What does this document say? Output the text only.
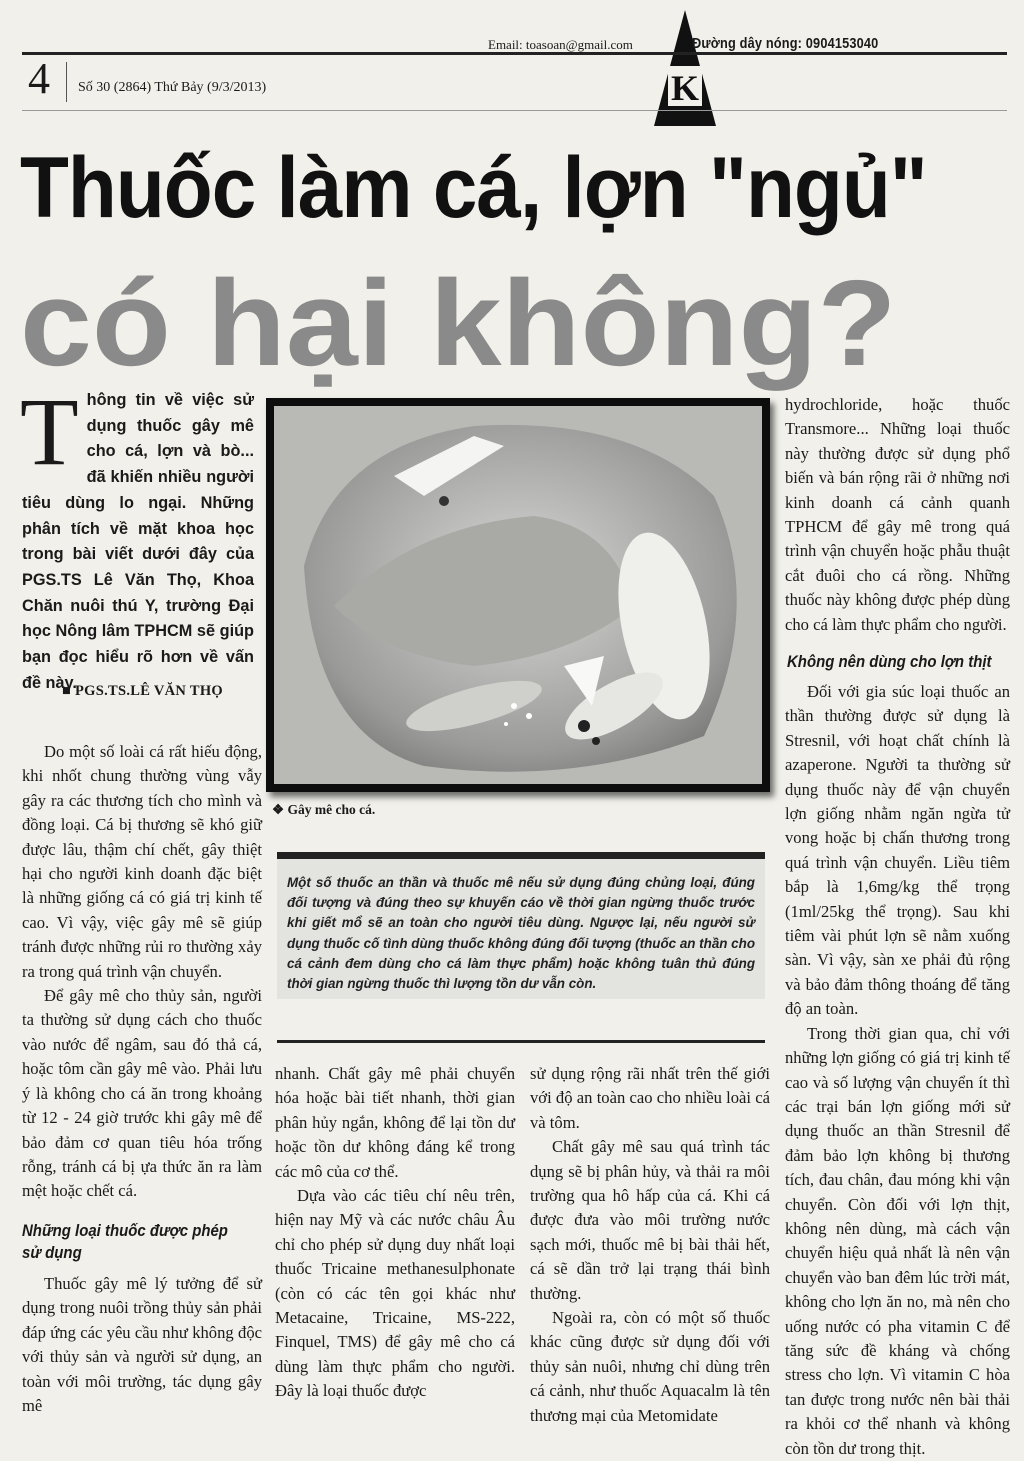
Email: toasoan@gmail.com
K
Đường dây nóng: 0904153040
4 Số 30 (2864) Thứ Bảy (9/3/2013)
Thuốc làm cá, lợn "ngủ"
có hại không?
T hông tin về việc sử dụng thuốc gây mê cho cá, lợn và bò... đã khiến nhiều người tiêu dùng lo ngại. Những phân tích về mặt khoa học trong bài viết dưới đây của PGS.TS Lê Văn Thọ, Khoa Chăn nuôi thú Y, trường Đại học Nông lâm TPHCM sẽ giúp bạn đọc hiểu rõ hơn về vấn đề này.

■ PGS.TS.LÊ VĂN THỌ
❖ Gây mê cho cá.
Một số thuốc an thần và thuốc mê nếu sử dụng đúng chủng loại, đúng đối tượng và đúng theo sự khuyến cáo về thời gian ngừng thuốc trước khi giết mổ sẽ an toàn cho người tiêu dùng. Ngược lại, nếu người sử dụng thuốc cố tình dùng thuốc không đúng đối tượng (thuốc an thần cho cá cảnh đem dùng cho cá làm thực phẩm) hoặc không tuân thủ đúng thời gian ngừng thuốc thì lượng tồn dư vẫn còn.

Do một số loài cá rất hiếu động, khi nhốt chung thường vùng vẫy gây ra các thương tích cho mình và đồng loại. Cá bị thương sẽ khó giữ được lâu, thậm chí chết, gây thiệt hại cho người kinh doanh đặc biệt là những giống cá có giá trị kinh tế cao. Vì vậy, việc gây mê sẽ giúp tránh được những rủi ro thường xảy ra trong quá trình vận chuyển.

Để gây mê cho thủy sản, người ta thường sử dụng cách cho thuốc vào nước để ngâm, sau đó thả cá, hoặc tôm cần gây mê vào. Phải lưu ý là không cho cá ăn trong khoảng từ 12 - 24 giờ trước khi gây mê để bảo đảm cơ quan tiêu hóa trống rỗng, tránh cá bị ựa thức ăn ra làm mệt hoặc chết cá.

Những loại thuốc được phép sử dụng

Thuốc gây mê lý tưởng để sử dụng trong nuôi trồng thủy sản phải đáp ứng các yêu cầu như không độc với thủy sản và người sử dụng, an toàn với môi trường, tác dụng gây mê

nhanh. Chất gây mê phải chuyển hóa hoặc bài tiết nhanh, thời gian phân hủy ngắn, không để lại tồn dư hoặc tồn dư không đáng kể trong các mô của cơ thể.

Dựa vào các tiêu chí nêu trên, hiện nay Mỹ và các nước châu Âu chỉ cho phép sử dụng duy nhất loại thuốc Tricaine methanesulphonate (còn có các tên gọi khác như Metacaine, Tricaine, MS-222, Finquel, TMS) để gây mê cho cá dùng làm thực phẩm cho người. Đây là loại thuốc được

sử dụng rộng rãi nhất trên thế giới với độ an toàn cao cho nhiều loài cá và tôm.

Chất gây mê sau quá trình tác dụng sẽ bị phân hủy, và thải ra môi trường qua hô hấp của cá. Khi cá được đưa vào môi trường nước sạch mới, thuốc mê bị bài thải hết, cá sẽ dần trở lại trạng thái bình thường.

Ngoài ra, còn có một số thuốc khác cũng được sử dụng đối với thủy sản nuôi, nhưng chỉ dùng trên cá cảnh, như thuốc Aquacalm là tên thương mại của Metomidate

hydrochloride, hoặc thuốc Transmore... Những loại thuốc này thường được sử dụng phổ biến và bán rộng rãi ở những nơi kinh doanh cá cảnh quanh TPHCM để gây mê trong quá trình vận chuyển hoặc phẫu thuật cắt đuôi cho cá rồng. Những thuốc này không được phép dùng cho cá làm thực phẩm cho người.

Không nên dùng cho lợn thịt

Đối với gia súc loại thuốc an thần thường được sử dụng là Stresnil, với hoạt chất chính là azaperone. Người ta thường sử dụng thuốc này để vận chuyển lợn giống nhằm ngăn ngừa tử vong hoặc bị chấn thương trong quá trình vận chuyển. Liều tiêm bắp là 1,6mg/kg thể trọng (1ml/25kg thể trọng). Sau khi tiêm vài phút lợn sẽ nằm xuống sàn. Vì vậy, sàn xe phải đủ rộng và bảo đảm thông thoáng để tăng độ an toàn.

Trong thời gian qua, chỉ với những lợn giống có giá trị kinh tế cao và số lượng vận chuyển ít thì các trại bán lợn giống mới sử dụng thuốc an thần Stresnil để đảm bảo lợn không bị thương tích, đau chân, đau móng khi vận chuyển. Còn đối với lợn thịt, không nên dùng, mà cách vận chuyển hiệu quả nhất là nên vận chuyển vào ban đêm lúc trời mát, không cho lợn ăn no, mà nên cho uống nước có pha vitamin C để tăng sức đề kháng và chống stress cho lợn. Vì vitamin C hòa tan được trong nước nên bài thải ra khỏi cơ thể nhanh và không còn tồn dư trong thịt.
